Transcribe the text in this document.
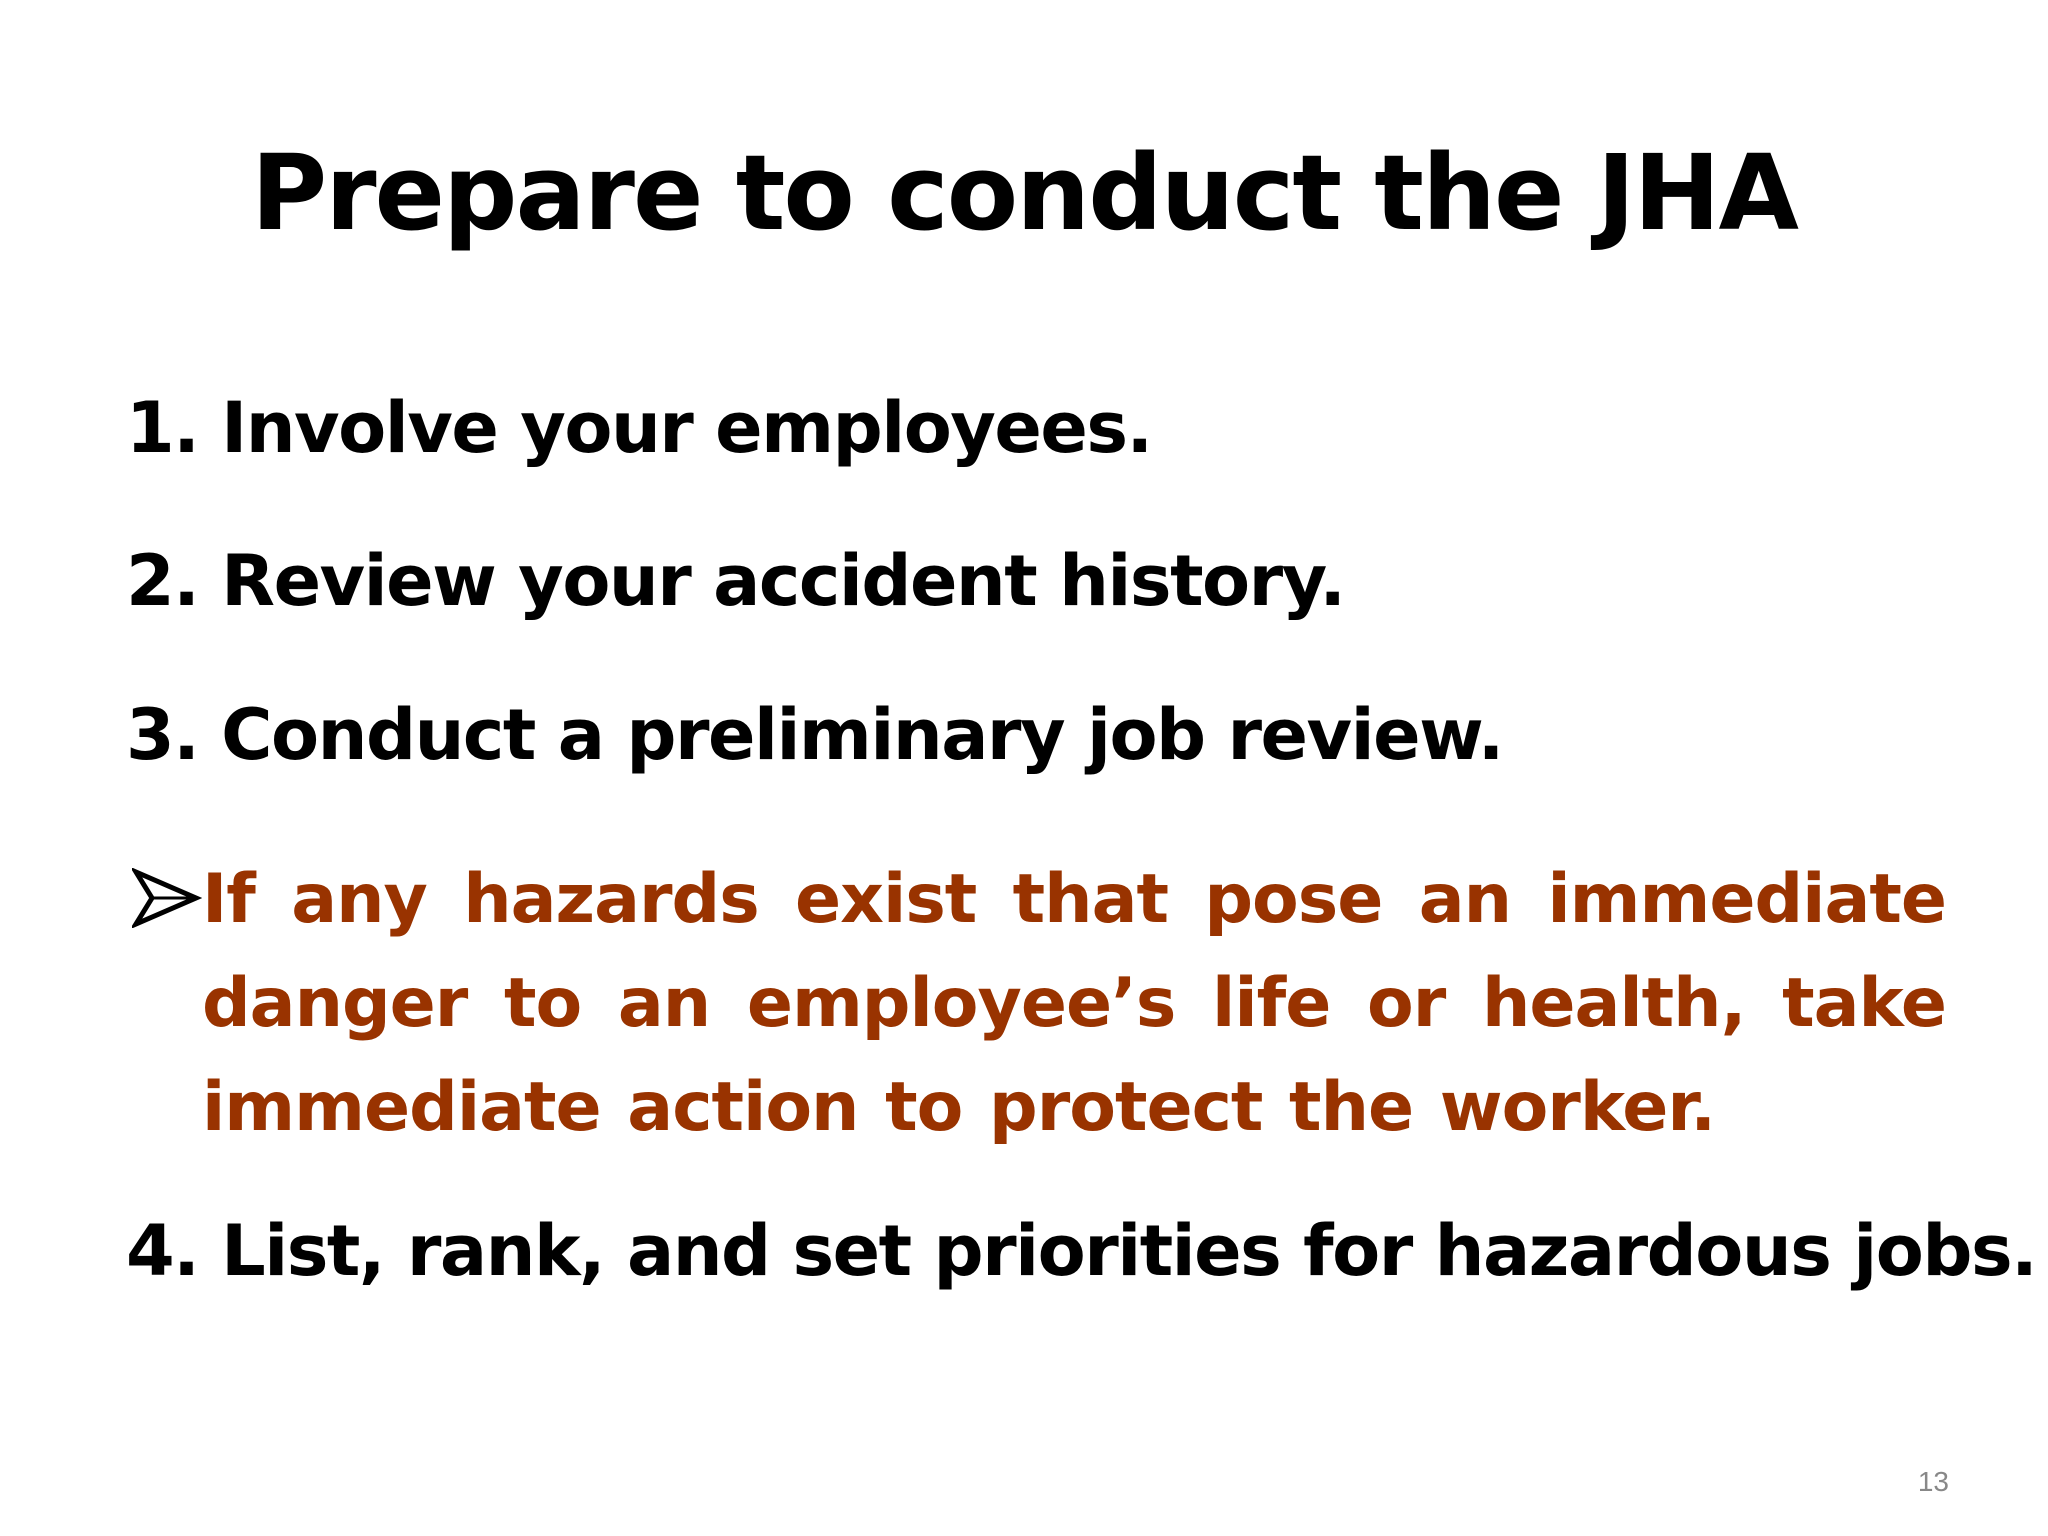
Prepare to conduct the JHA
1. Involve your employees.
2. Review your accident history.
3. Conduct a preliminary job review.
If any hazards exist that pose an immediate danger to an employee’s life or health, take immediate action to protect the worker.
4. List, rank, and set priorities for hazardous jobs.
13
